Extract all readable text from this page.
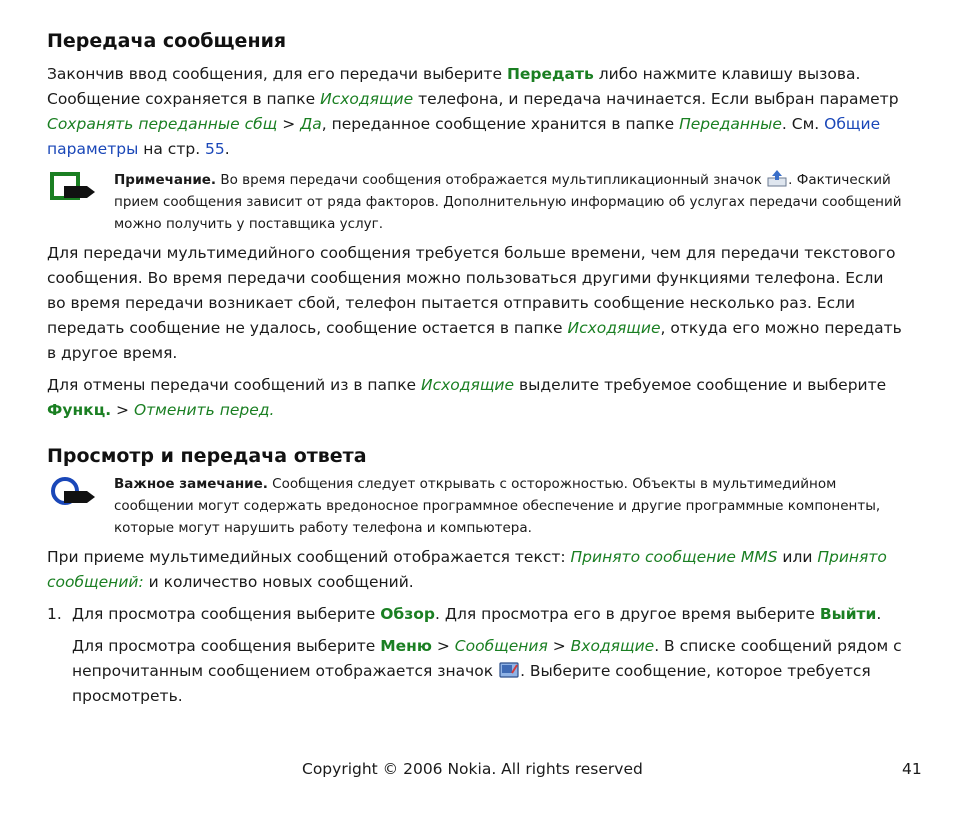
Передача сообщения

Закончив ввод сообщения, для его передачи выберите Передать либо нажмите клавишу вызова. Сообщение сохраняется в папке Исходящие телефона, и передача начинается. Если выбран параметр Сохранять переданные сбщ > Да, переданное сообщение хранится в папке Переданные. См. Общие параметры на стр. 55.

Примечание. Во время передачи сообщения отображается мультипликационный значок . Фактический прием сообщения зависит от ряда факторов. Дополнительную информацию об услугах передачи сообщений можно получить у поставщика услуг.

Для передачи мультимедийного сообщения требуется больше времени, чем для передачи текстового сообщения. Во время передачи сообщения можно пользоваться другими функциями телефона. Если во время передачи возникает сбой, телефон пытается отправить сообщение несколько раз. Если передать сообщение не удалось, сообщение остается в папке Исходящие, откуда его можно передать в другое время.

Для отмены передачи сообщений из в папке Исходящие выделите требуемое сообщение и выберите Функц. > Отменить перед.

Просмотр и передача ответа
Важное замечание. Сообщения следует открывать с осторожностью. Объекты в мультимедийном сообщении могут содержать вредоносное программное обеспечение и другие программные компоненты, которые могут нарушить работу телефона и компьютера.

При приеме мультимедийных сообщений отображается текст: Принято сообщение MMS или Принято сообщений: и количество новых сообщений.

1. Для просмотра сообщения выберите Обзор. Для просмотра его в другое время выберите Выйти.

Для просмотра сообщения выберите Меню > Сообщения > Входящие. В списке сообщений рядом с непрочитанным сообщением отображается значок . Выберите сообщение, которое требуется просмотреть.

Copyright © 2006 Nokia. All rights reserved	41
